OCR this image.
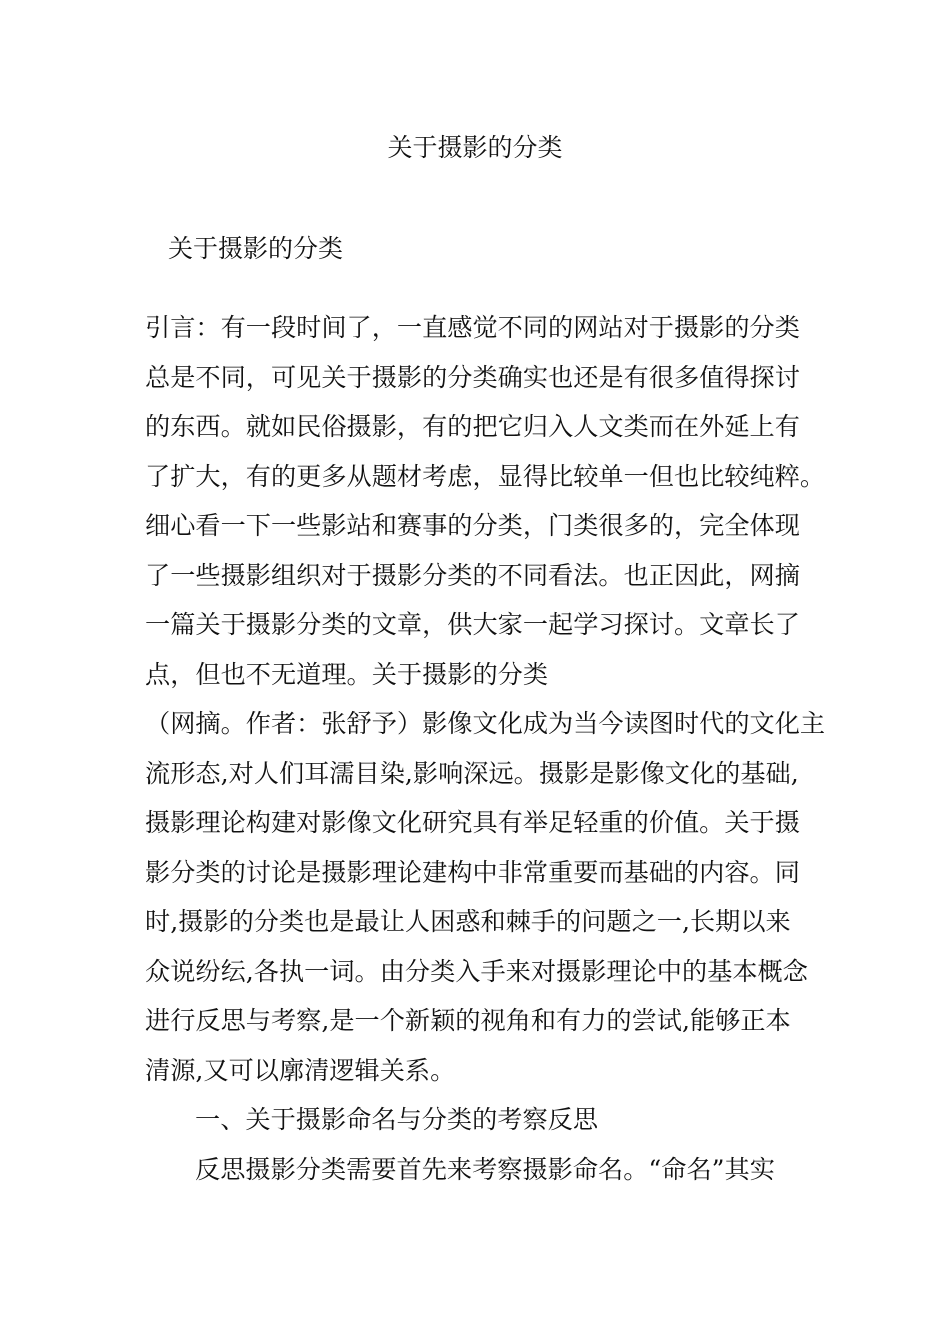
关于摄影的分类
关于摄影的分类
引言：有一段时间了，一直感觉不同的网站对于摄影的分类
总是不同，可见关于摄影的分类确实也还是有很多值得探讨
的东西。就如民俗摄影，有的把它归入人文类而在外延上有
了扩大，有的更多从题材考虑，显得比较单一但也比较纯粹。
细心看一下一些影站和赛事的分类，门类很多的，完全体现
了一些摄影组织对于摄影分类的不同看法。也正因此，网摘
一篇关于摄影分类的文章，供大家一起学习探讨。文章长了
点，但也不无道理。关于摄影的分类
（网摘。作者：张舒予）影像文化成为当今读图时代的文化主
流形态,对人们耳濡目染,影响深远。摄影是影像文化的基础,
摄影理论构建对影像文化研究具有举足轻重的价值。关于摄
影分类的讨论是摄影理论建构中非常重要而基础的内容。同
时,摄影的分类也是最让人困惑和棘手的问题之一,长期以来
众说纷纭,各执一词。由分类入手来对摄影理论中的基本概念
进行反思与考察,是一个新颖的视角和有力的尝试,能够正本
清源,又可以廓清逻辑关系。
一、关于摄影命名与分类的考察反思
反思摄影分类需要首先来考察摄影命名。“命名”其实
